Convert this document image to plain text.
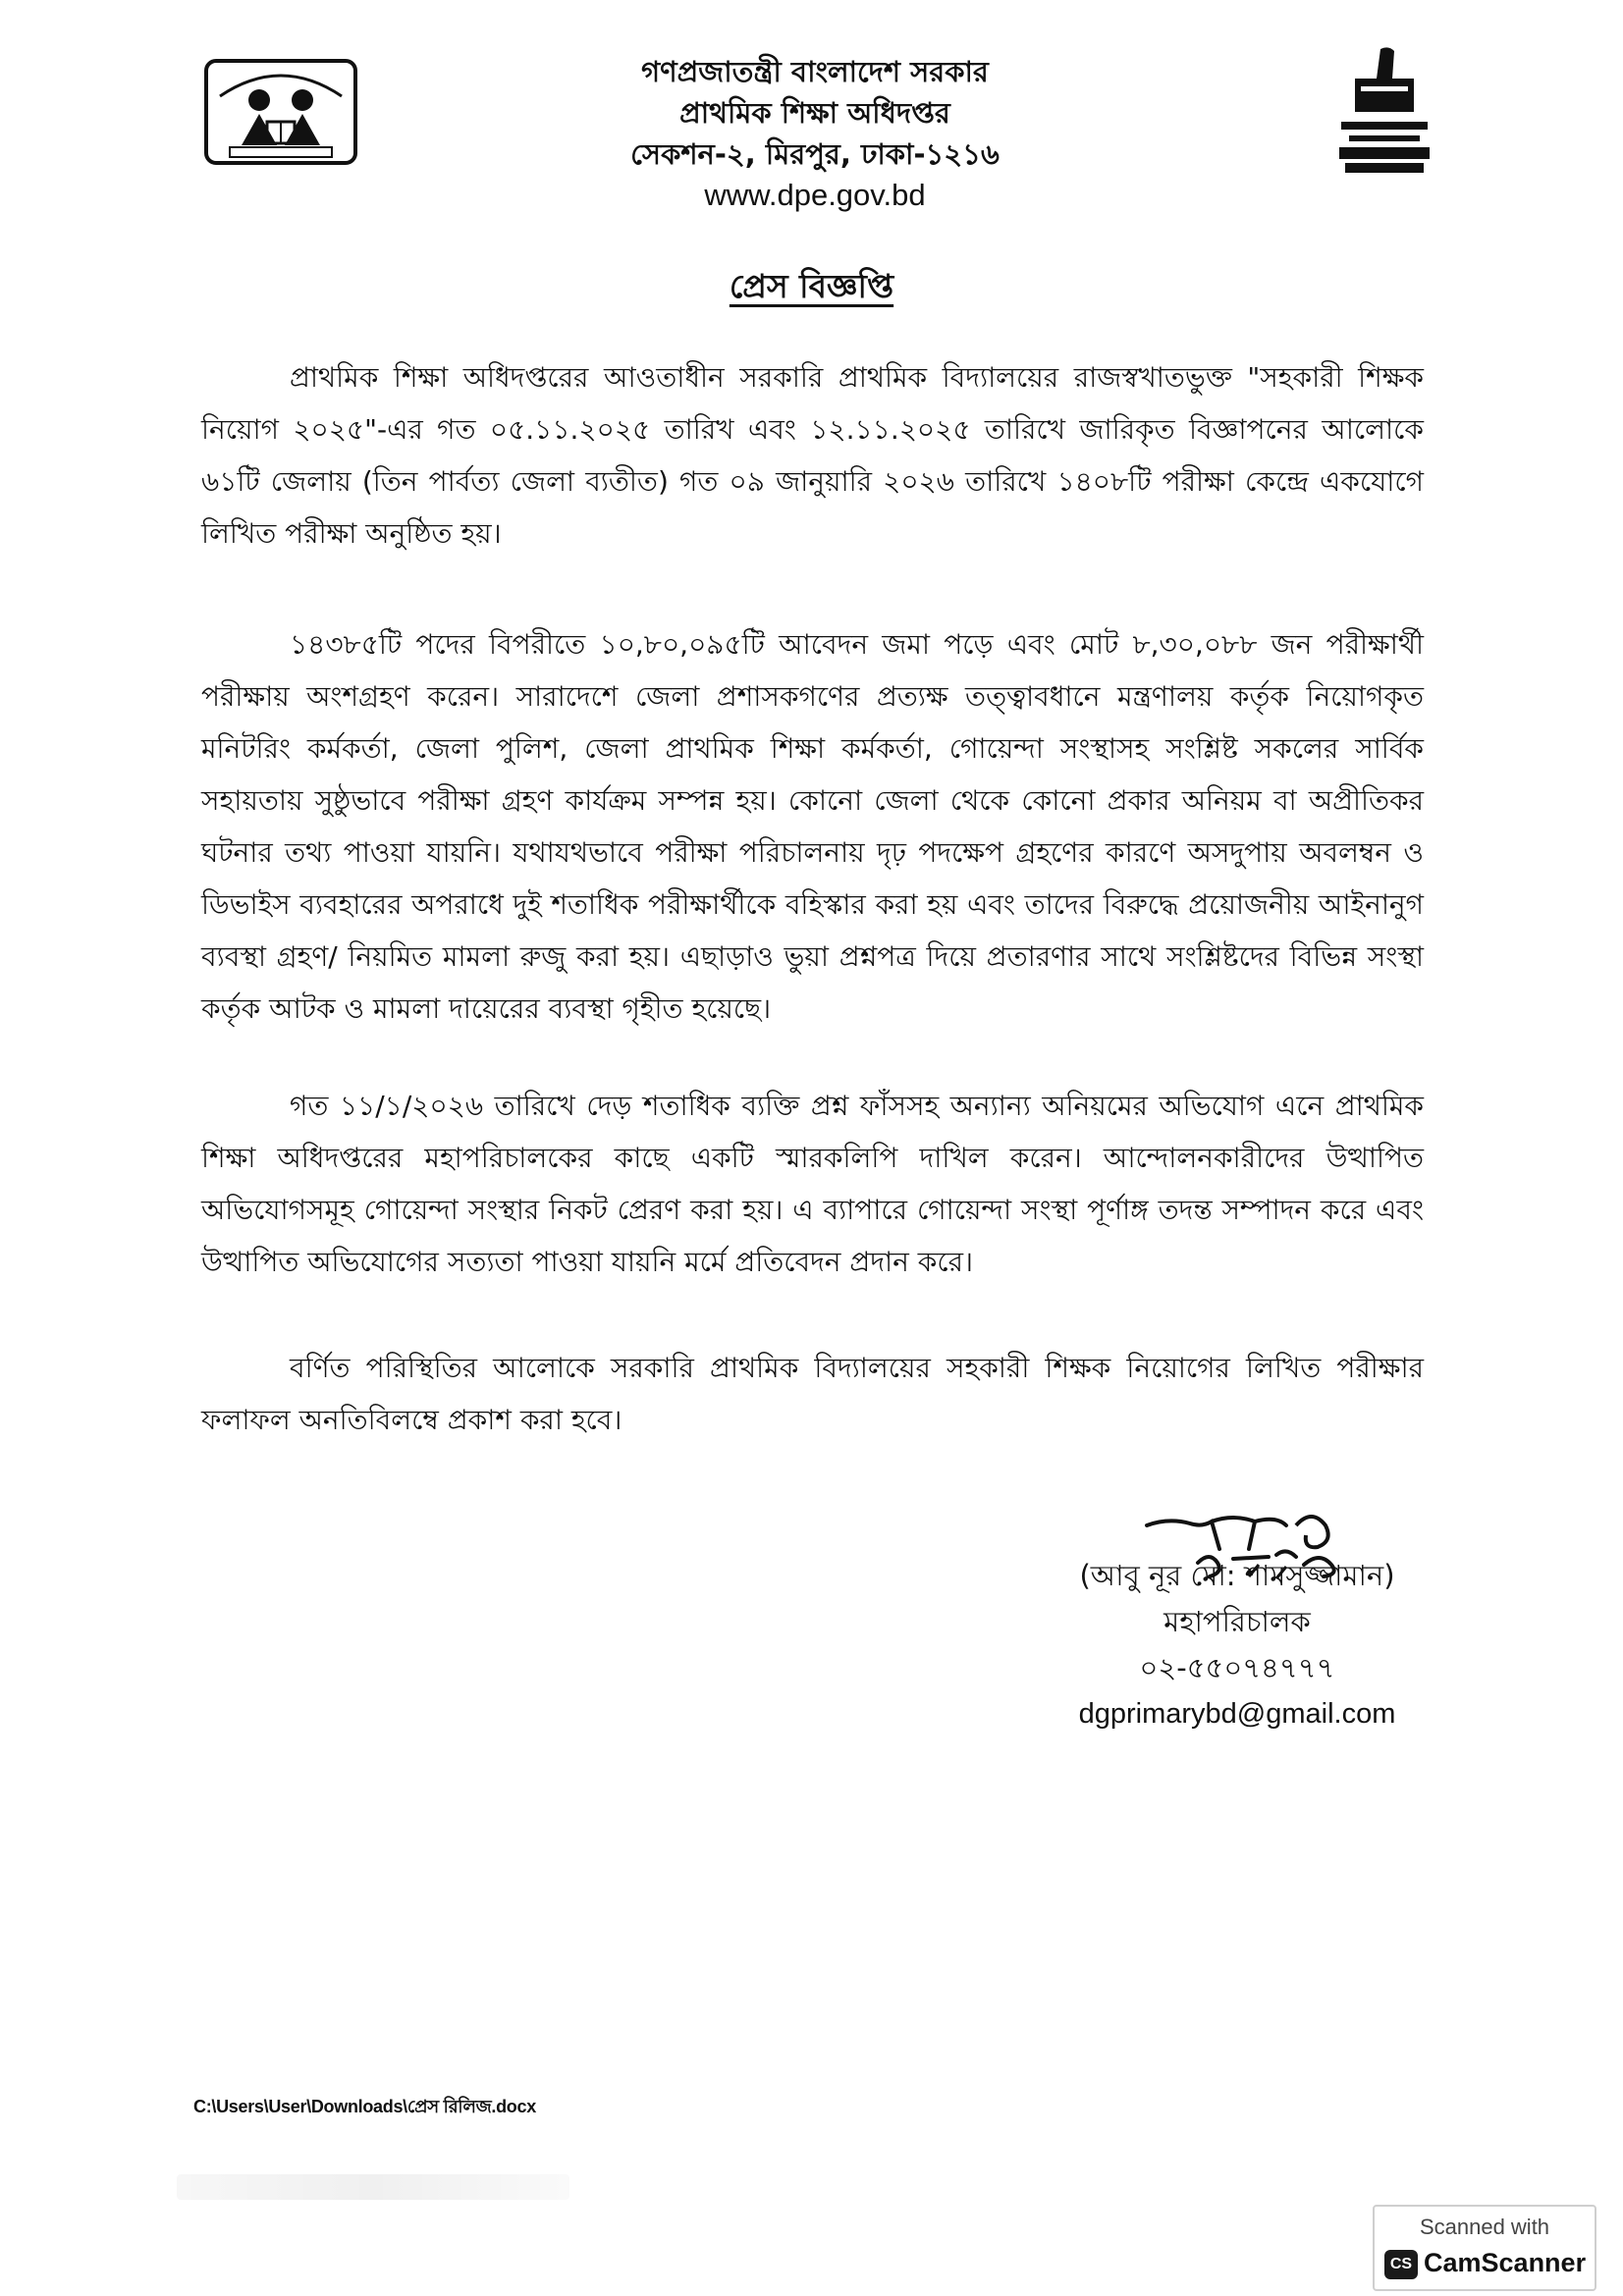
গণপ্রজাতন্ত্রী বাংলাদেশ সরকার
প্রাথমিক শিক্ষা অধিদপ্তর
সেকশন-২, মিরপুর, ঢাকা-১২১৬
www.dpe.gov.bd
প্রেস বিজ্ঞপ্তি

প্রাথমিক শিক্ষা অধিদপ্তরের আওতাধীন সরকারি প্রাথমিক বিদ্যালয়ের রাজস্বখাতভুক্ত "সহকারী শিক্ষক নিয়োগ ২০২৫"-এর গত ০৫.১১.২০২৫ তারিখ এবং ১২.১১.২০২৫ তারিখে জারিকৃত বিজ্ঞাপনের আলোকে ৬১টি জেলায় (তিন পার্বত্য জেলা ব্যতীত) গত ০৯ জানুয়ারি ২০২৬ তারিখে ১৪০৮টি পরীক্ষা কেন্দ্রে একযোগে লিখিত পরীক্ষা অনুষ্ঠিত হয়।

১৪৩৮৫টি পদের বিপরীতে ১০,৮০,০৯৫টি আবেদন জমা পড়ে এবং মোট ৮,৩০,০৮৮ জন পরীক্ষার্থী পরীক্ষায় অংশগ্রহণ করেন। সারাদেশে জেলা প্রশাসকগণের প্রত্যক্ষ তত্ত্বাবধানে মন্ত্রণালয় কর্তৃক নিয়োগকৃত মনিটরিং কর্মকর্তা, জেলা পুলিশ, জেলা প্রাথমিক শিক্ষা কর্মকর্তা, গোয়েন্দা সংস্থাসহ সংশ্লিষ্ট সকলের সার্বিক সহায়তায় সুষ্ঠুভাবে পরীক্ষা গ্রহণ কার্যক্রম সম্পন্ন হয়। কোনো জেলা থেকে কোনো প্রকার অনিয়ম বা অপ্রীতিকর ঘটনার তথ্য পাওয়া যায়নি। যথাযথভাবে পরীক্ষা পরিচালনায় দৃঢ় পদক্ষেপ গ্রহণের কারণে অসদুপায় অবলম্বন ও ডিভাইস ব্যবহারের অপরাধে দুই শতাধিক পরীক্ষার্থীকে বহিস্কার করা হয় এবং তাদের বিরুদ্ধে প্রয়োজনীয় আইনানুগ ব্যবস্থা গ্রহণ/ নিয়মিত মামলা রুজু করা হয়। এছাড়াও ভুয়া প্রশ্নপত্র দিয়ে প্রতারণার সাথে সংশ্লিষ্টদের বিভিন্ন সংস্থা কর্তৃক আটক ও মামলা দায়েরের ব্যবস্থা গৃহীত হয়েছে।

গত ১১/১/২০২৬ তারিখে দেড় শতাধিক ব্যক্তি প্রশ্ন ফাঁসসহ অন্যান্য অনিয়মের অভিযোগ এনে প্রাথমিক শিক্ষা অধিদপ্তরের মহাপরিচালকের কাছে একটি স্মারকলিপি দাখিল করেন। আন্দোলনকারীদের উত্থাপিত অভিযোগসমূহ গোয়েন্দা সংস্থার নিকট প্রেরণ করা হয়। এ ব্যাপারে গোয়েন্দা সংস্থা পূর্ণাঙ্গ তদন্ত সম্পাদন করে এবং উত্থাপিত অভিযোগের সত্যতা পাওয়া যায়নি মর্মে প্রতিবেদন প্রদান করে।

বর্ণিত পরিস্থিতির আলোকে সরকারি প্রাথমিক বিদ্যালয়ের সহকারী শিক্ষক নিয়োগের লিখিত পরীক্ষার ফলাফল অনতিবিলম্বে প্রকাশ করা হবে।

(আবু নূর মো: শামসুজ্জামান)
মহাপরিচালক
০২-৫৫০৭৪৭৭৭
dgprimarybd@gmail.com
C:\Users\User\Downloads\প্রেস রিলিজ.docx
Scanned with
CS CamScanner
